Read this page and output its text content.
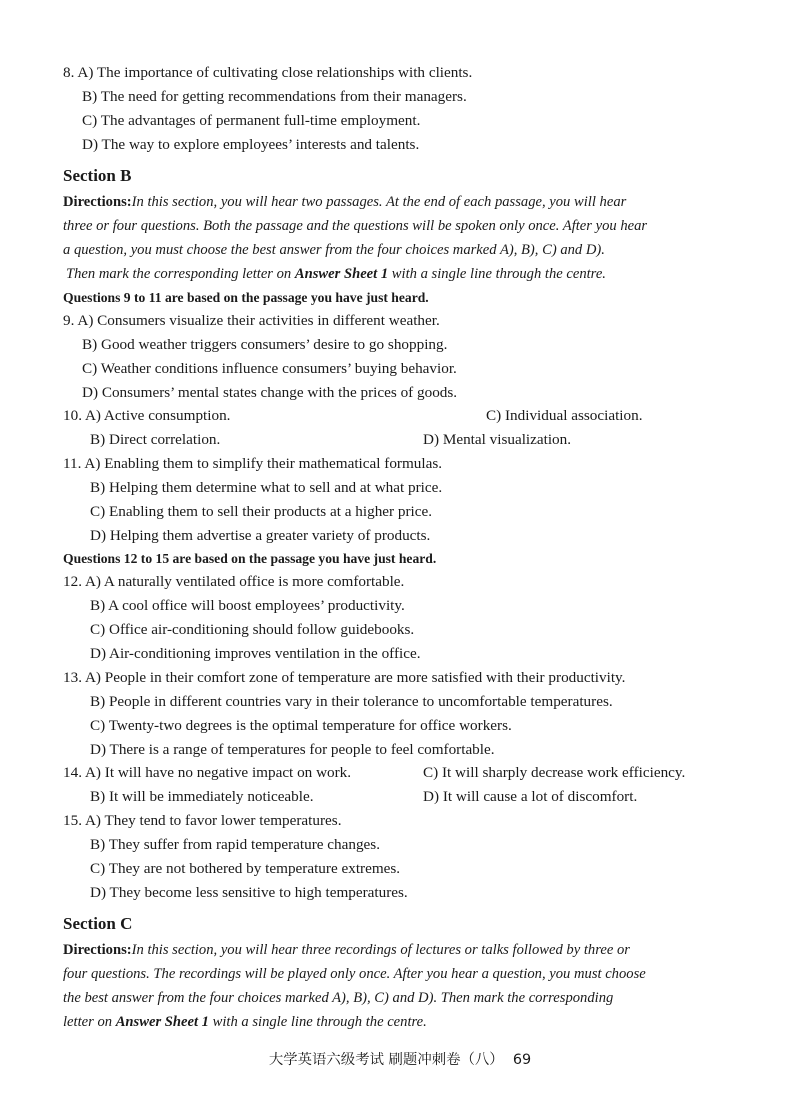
8. A) The importance of cultivating close relationships with clients.
B) The need for getting recommendations from their managers.
C) The advantages of permanent full-time employment.
D) The way to explore employees’ interests and talents.
Section B
Directions:In this section, you will hear two passages. At the end of each passage, you will hear
three or four questions. Both the passage and the questions will be spoken only once. After you hear
a question, you must choose the best answer from the four choices marked A), B), C) and D).
Then mark the corresponding letter on Answer Sheet 1 with a single line through the centre.
Questions 9 to 11 are based on the passage you have just heard.
9. A) Consumers visualize their activities in different weather.
B) Good weather triggers consumers’ desire to go shopping.
C) Weather conditions influence consumers’ buying behavior.
D) Consumers’ mental states change with the prices of goods.
10. A) Active consumption.	C) Individual association.
B) Direct correlation.	D) Mental visualization.
11. A) Enabling them to simplify their mathematical formulas.
B) Helping them determine what to sell and at what price.
C) Enabling them to sell their products at a higher price.
D) Helping them advertise a greater variety of products.
Questions 12 to 15 are based on the passage you have just heard.
12. A) A naturally ventilated office is more comfortable.
B) A cool office will boost employees’ productivity.
C) Office air-conditioning should follow guidebooks.
D) Air-conditioning improves ventilation in the office.
13. A) People in their comfort zone of temperature are more satisfied with their productivity.
B) People in different countries vary in their tolerance to uncomfortable temperatures.
C) Twenty-two degrees is the optimal temperature for office workers.
D) There is a range of temperatures for people to feel comfortable.
14. A) It will have no negative impact on work.	C) It will sharply decrease work efficiency.
B) It will be immediately noticeable.	D) It will cause a lot of discomfort.
15. A) They tend to favor lower temperatures.
B) They suffer from rapid temperature changes.
C) They are not bothered by temperature extremes.
D) They become less sensitive to high temperatures.
Section C
Directions:In this section, you will hear three recordings of lectures or talks followed by three or
four questions. The recordings will be played only once. After you hear a question, you must choose
the best answer from the four choices marked A), B), C) and D). Then mark the corresponding
letter on Answer Sheet 1 with a single line through the centre.
大学英语六级考试 刷题冲刺卷（八） 69
